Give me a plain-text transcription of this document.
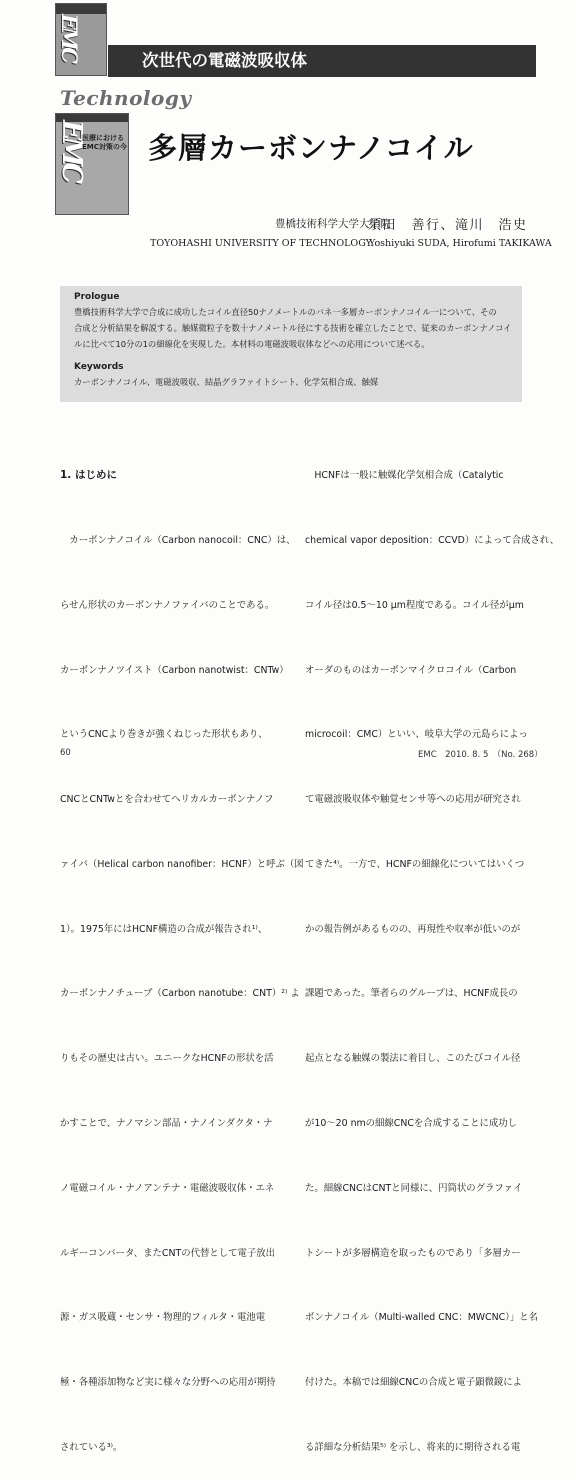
EMC	次世代の電磁波吸収体
Technology
EMC
医療における
EMC対策の今 多層カーボンナノコイル
豊橋技術科学大学大学院
須田　善行、滝川　浩史
TOYOHASHI UNIVERSITY OF TECHNOLOGY
Yoshiyuki SUDA, Hirofumi TAKIKAWA
Prologue
豊橋技術科学大学で合成に成功したコイル直径50ナノメートルのバネ一多層カーボンナノコイル一について、その
合成と分析結果を解説する。触媒微粒子を数十ナノメートル径にする技術を確立したことで、従来のカーボンナノコイ
ルに比べて10分の1の細線化を実現した。本材料の電磁波吸収体などへの応用について述べる。
Keywords
カーボンナノコイル、電磁波吸収、結晶グラファイトシート、化学気相合成、触媒

1. はじめに

　カーボンナノコイル（Carbon nanocoil：CNC）は、

らせん形状のカーボンナノファイバのことである。

カーボンナノツイスト（Carbon nanotwist：CNTw）

というCNCより巻きが強くねじった形状もあり、

CNCとCNTwとを合わせてヘリカルカーボンナノフ

ァイバ（Helical carbon nanofiber：HCNF）と呼ぶ（図

1）。1975年にはHCNF構造の合成が報告され¹⁾、

カーボンナノチューブ（Carbon nanotube：CNT）²⁾ よ

りもその歴史は古い。ユニークなHCNFの形状を活

かすことで、ナノマシン部品・ナノインダクタ・ナ

ノ電磁コイル・ナノアンテナ・電磁波吸収体・エネ

ルギーコンバータ、またCNTの代替として電子放出

源・ガス吸蔵・センサ・物理的フィルタ・電池電

極・各種添加物など実に様々な分野への応用が期待

されている³⁾。

　HCNFは一般に触媒化学気相合成（Catalytic

chemical vapor deposition：CCVD）によって合成され、

コイル径は0.5～10 μm程度である。コイル径がμm

オーダのものはカーボンマイクロコイル（Carbon

microcoil：CMC）といい、岐阜大学の元島らによっ

て電磁波吸収体や触覚センサ等への応用が研究され

てきた⁴⁾。一方で、HCNFの細線化についてはいくつ

かの報告例があるものの、再現性や収率が低いのが

課題であった。筆者らのグループは、HCNF成長の

起点となる触媒の製法に着目し、このたびコイル径

が10～20 nmの細線CNCを合成することに成功し

た。細線CNCはCNTと同様に、円筒状のグラファイ

トシートが多層構造を取ったものであり「多層カー

ボンナノコイル（Multi-walled CNC：MWCNC）」と名

付けた。本稿では細線CNCの合成と電子顕微鏡によ

る詳細な分析結果⁵⁾ を示し、将来的に期待される電

60	EMC　2010. 8. 5　（No. 268）
